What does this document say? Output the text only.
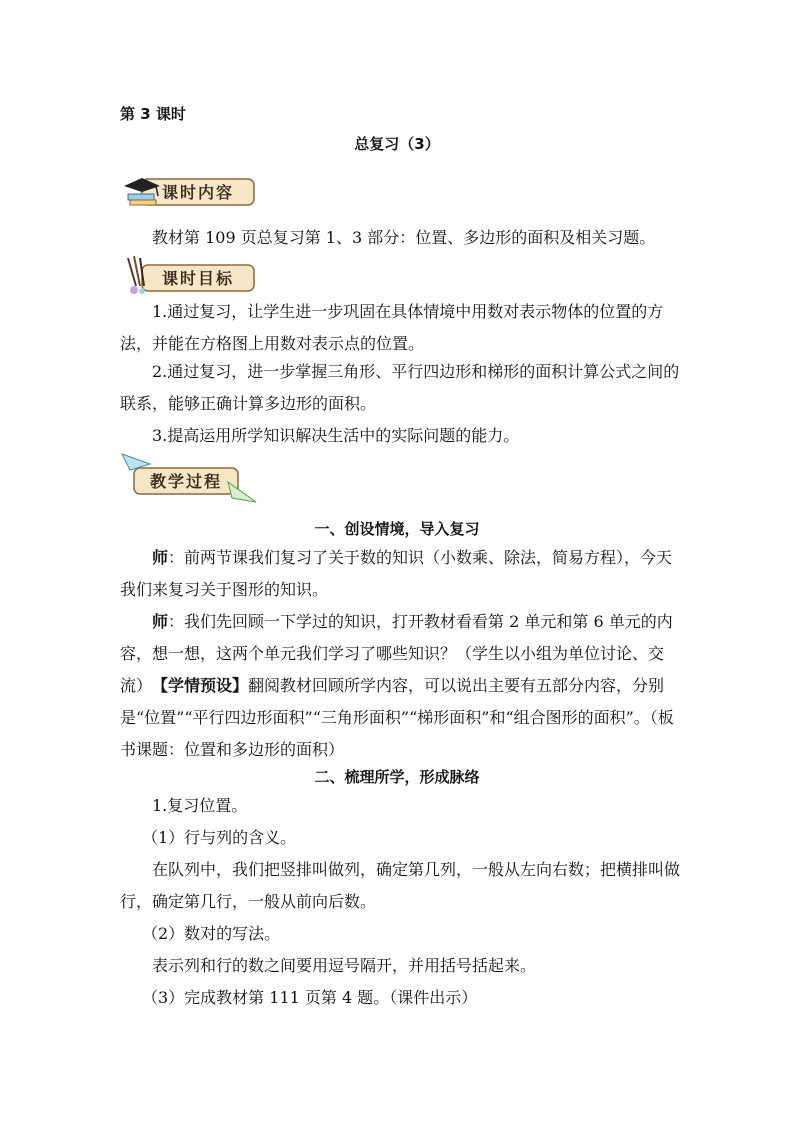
第 3 课时
总复习（3）
课时内容
教材第 109 页总复习第 1、3 部分：位置、多边形的面积及相关习题。
课时目标
1.通过复习，让学生进一步巩固在具体情境中用数对表示物体的位置的方法，并能在方格图上用数对表示点的位置。
2.通过复习，进一步掌握三角形、平行四边形和梯形的面积计算公式之间的联系，能够正确计算多边形的面积。
3.提高运用所学知识解决生活中的实际问题的能力。
教学过程
一、创设情境，导入复习
师：前两节课我们复习了关于数的知识（小数乘、除法，简易方程），今天我们来复习关于图形的知识。
师：我们先回顾一下学过的知识，打开教材看看第 2 单元和第 6 单元的内容，想一想，这两个单元我们学习了哪些知识？（学生以小组为单位讨论、交流） 【学情预设】翻阅教材回顾所学内容，可以说出主要有五部分内容，分别是“位置”“平行四边形面积”“三角形面积”“梯形面积”和“组合图形的面积”。（板书课题：位置和多边形的面积）
二、梳理所学，形成脉络
1.复习位置。
（1）行与列的含义。
在队列中，我们把竖排叫做列，确定第几列，一般从左向右数；把横排叫做行，确定第几行，一般从前向后数。
（2）数对的写法。
表示列和行的数之间要用逗号隔开，并用括号括起来。
（3）完成教材第 111 页第 4 题。（课件出示）
